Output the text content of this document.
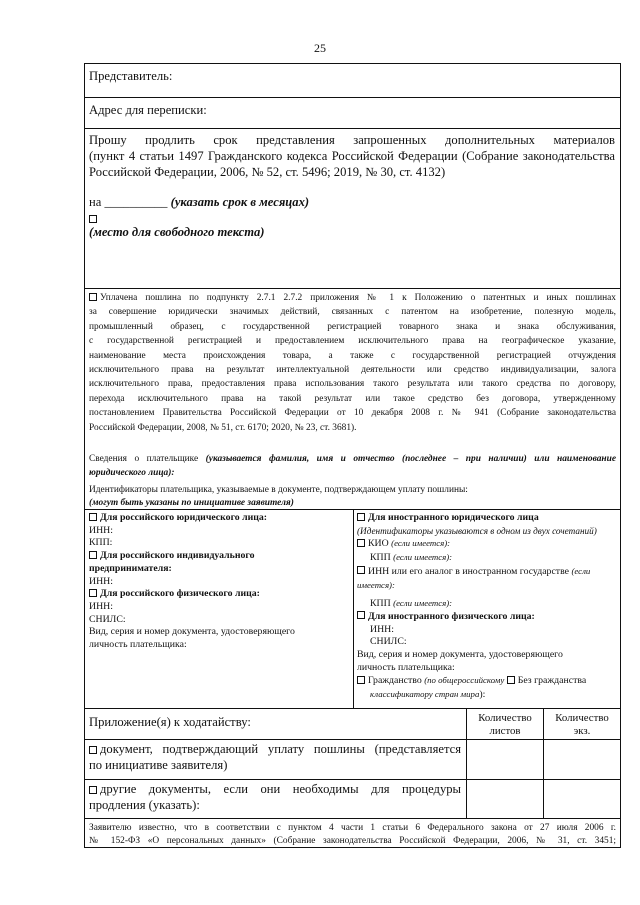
25
Представитель:
Адрес для переписки:
Прошу продлить срок представления запрошенных дополнительных материалов
(пункт 4 статьи 1497 Гражданского кодекса Российской Федерации (Собрание законодательства
Российской Федерации, 2006, № 52, ст. 5496; 2019, № 30, ст. 4132)
на __________ (указать срок в месяцах)
(место для свободного текста)
Уплачена пошлина по подпункту 2.7.1 2.7.2 приложения № 1 к Положению о патентных и иных пошлинах
за совершение юридически значимых действий, связанных с патентом на изобретение, полезную модель,
промышленный образец, с государственной регистрацией товарного знака и знака обслуживания,
с государственной регистрацией и предоставлением исключительного права на географическое указание,
наименование места происхождения товара, а также с государственной регистрацией отчуждения
исключительного права на результат интеллектуальной деятельности или средство индивидуализации, залога
исключительного права, предоставления права использования такого результата или такого средства по договору,
перехода исключительного права на такой результат или такое средство без договора, утвержденному
постановлением Правительства Российской Федерации от 10 декабря 2008 г. № 941 (Собрание законодательства
Российской Федерации, 2008, № 51, ст. 6170; 2020, № 23, ст. 3681).
Сведения о плательщике (указывается фамилия, имя и отчество (последнее – при наличии) или наименование
юридического лица):
Идентификаторы плательщика, указываемые в документе, подтверждающем уплату пошлины:
(могут быть указаны по инициативе заявителя)
Для российского юридического лица:
ИНН:
КПП:
Для российского индивидуального
предпринимателя:
ИНН:
Для российского физического лица:
ИНН:
СНИЛС:
Вид, серия и номер документа, удостоверяющего
личность плательщика:
Для иностранного юридического лица
(Идентификаторы указываются в одном из двух сочетаний)
КИО (если имеется):
КПП (если имеется):
ИНН или его аналог в иностранном государстве (если
имеется):
КПП (если имеется):
Для иностранного физического лица:
ИНН:
СНИЛС:
Вид, серия и номер документа, удостоверяющего
личность плательщика:
Гражданство (по общероссийскому Без гражданства
классификатору стран мира):
Приложение(я) к ходатайству:	Количество
листов
Количество
экз.
документ, подтверждающий уплату пошлины (представляется
по инициативе заявителя)
другие документы, если они необходимы для процедуры
продления (указать):
Заявителю известно, что в соответствии с пунктом 4 части 1 статьи 6 Федерального закона от 27 июля 2006 г.
№ 152-ФЗ «О персональных данных» (Собрание законодательства Российской Федерации, 2006, № 31, ст. 3451;
